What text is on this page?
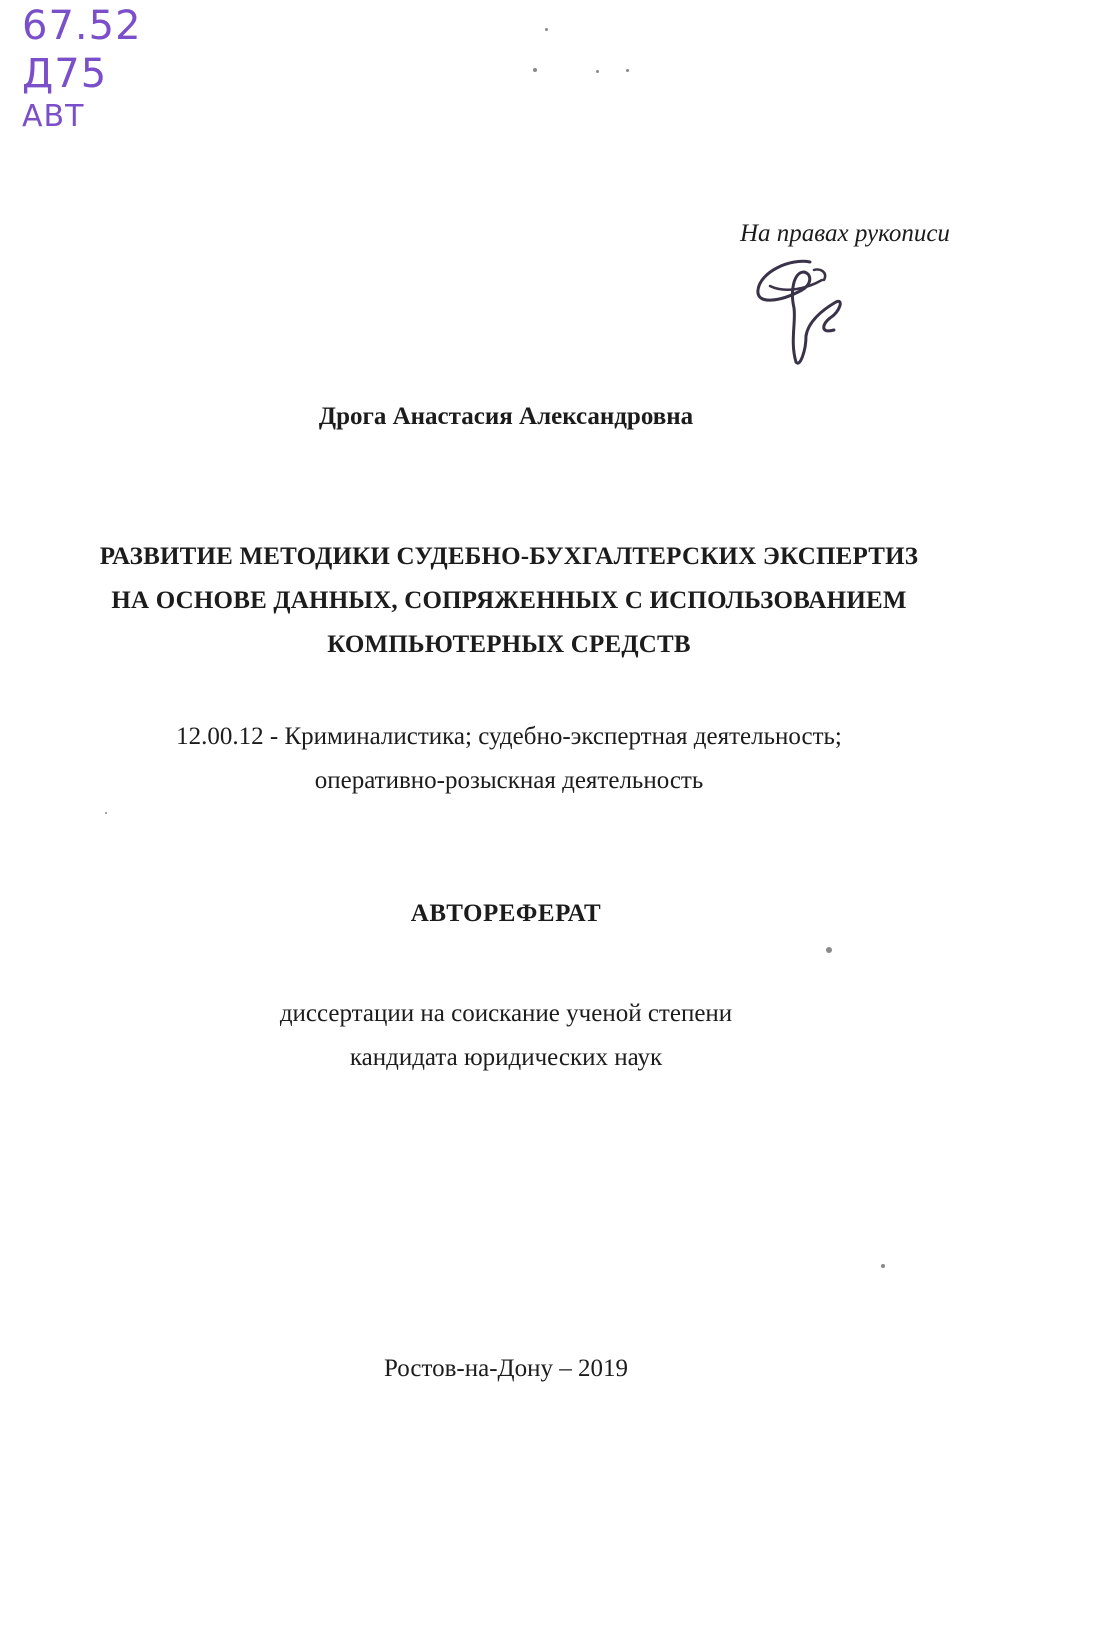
67.52
Д75
АВТ
На правах рукописи
Дрога Анастасия Александровна
РАЗВИТИЕ МЕТОДИКИ СУДЕБНО-БУХГАЛТЕРСКИХ ЭКСПЕРТИЗ
НА ОСНОВЕ ДАННЫХ, СОПРЯЖЕННЫХ С ИСПОЛЬЗОВАНИЕМ
КОМПЬЮТЕРНЫХ СРЕДСТВ
12.00.12 - Криминалистика; судебно-экспертная деятельность;
оперативно-розыскная деятельность
АВТОРЕФЕРАТ
диссертации на соискание ученой степени
кандидата юридических наук
Ростов-на-Дону – 2019
